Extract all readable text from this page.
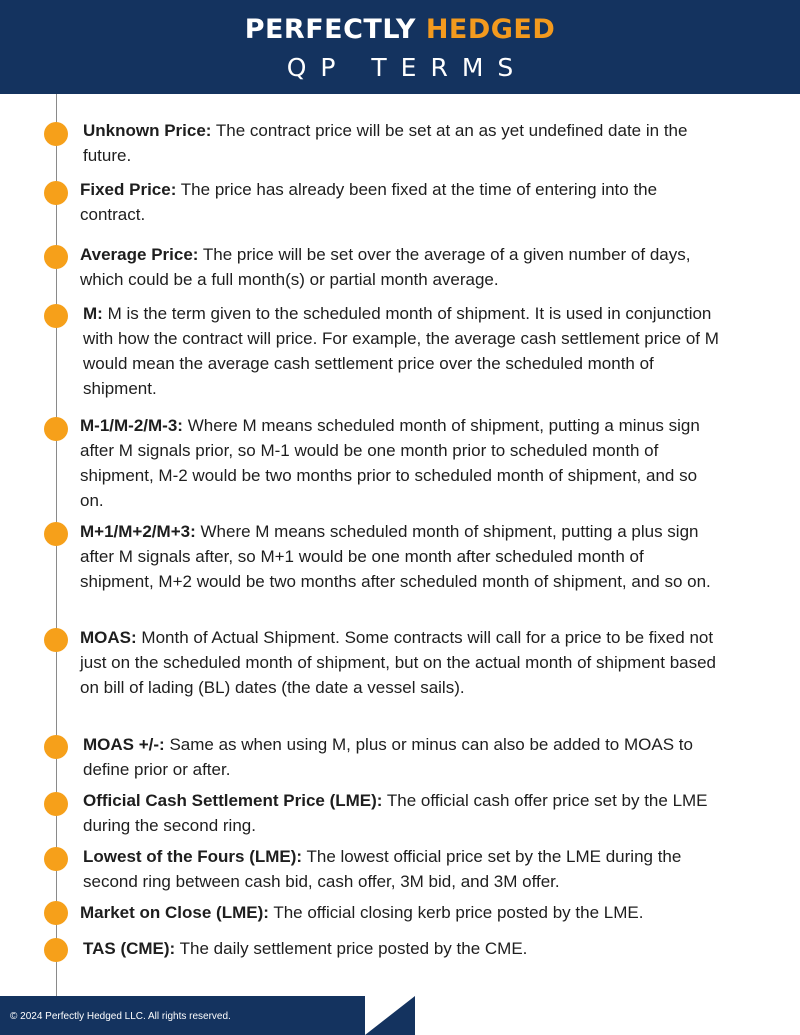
PERFECTLY HEDGED
QP TERMS
Unknown Price: The contract price will be set at an as yet undefined date in the future.
Fixed Price: The price has already been fixed at the time of entering into the contract.
Average Price: The price will be set over the average of a given number of days, which could be a full month(s) or partial month average.
M: M is the term given to the scheduled month of shipment. It is used in conjunction with how the contract will price. For example, the average cash settlement price of M would mean the average cash settlement price over the scheduled month of shipment.
M-1/M-2/M-3: Where M means scheduled month of shipment, putting a minus sign after M signals prior, so M-1 would be one month prior to scheduled month of shipment, M-2 would be two months prior to scheduled month of shipment, and so on.
M+1/M+2/M+3: Where M means scheduled month of shipment, putting a plus sign after M signals after, so M+1 would be one month after scheduled month of shipment, M+2 would be two months after scheduled month of shipment, and so on.
MOAS: Month of Actual Shipment. Some contracts will call for a price to be fixed not just on the scheduled month of shipment, but on the actual month of shipment based on bill of lading (BL) dates (the date a vessel sails).
MOAS +/-: Same as when using M, plus or minus can also be added to MOAS to define prior or after.
Official Cash Settlement Price (LME): The official cash offer price set by the LME during the second ring.
Lowest of the Fours (LME): The lowest official price set by the LME during the second ring between cash bid, cash offer, 3M bid, and 3M offer.
Market on Close (LME): The official closing kerb price posted by the LME.
TAS (CME): The daily settlement price posted by the CME.
© 2024 Perfectly Hedged LLC. All rights reserved.
